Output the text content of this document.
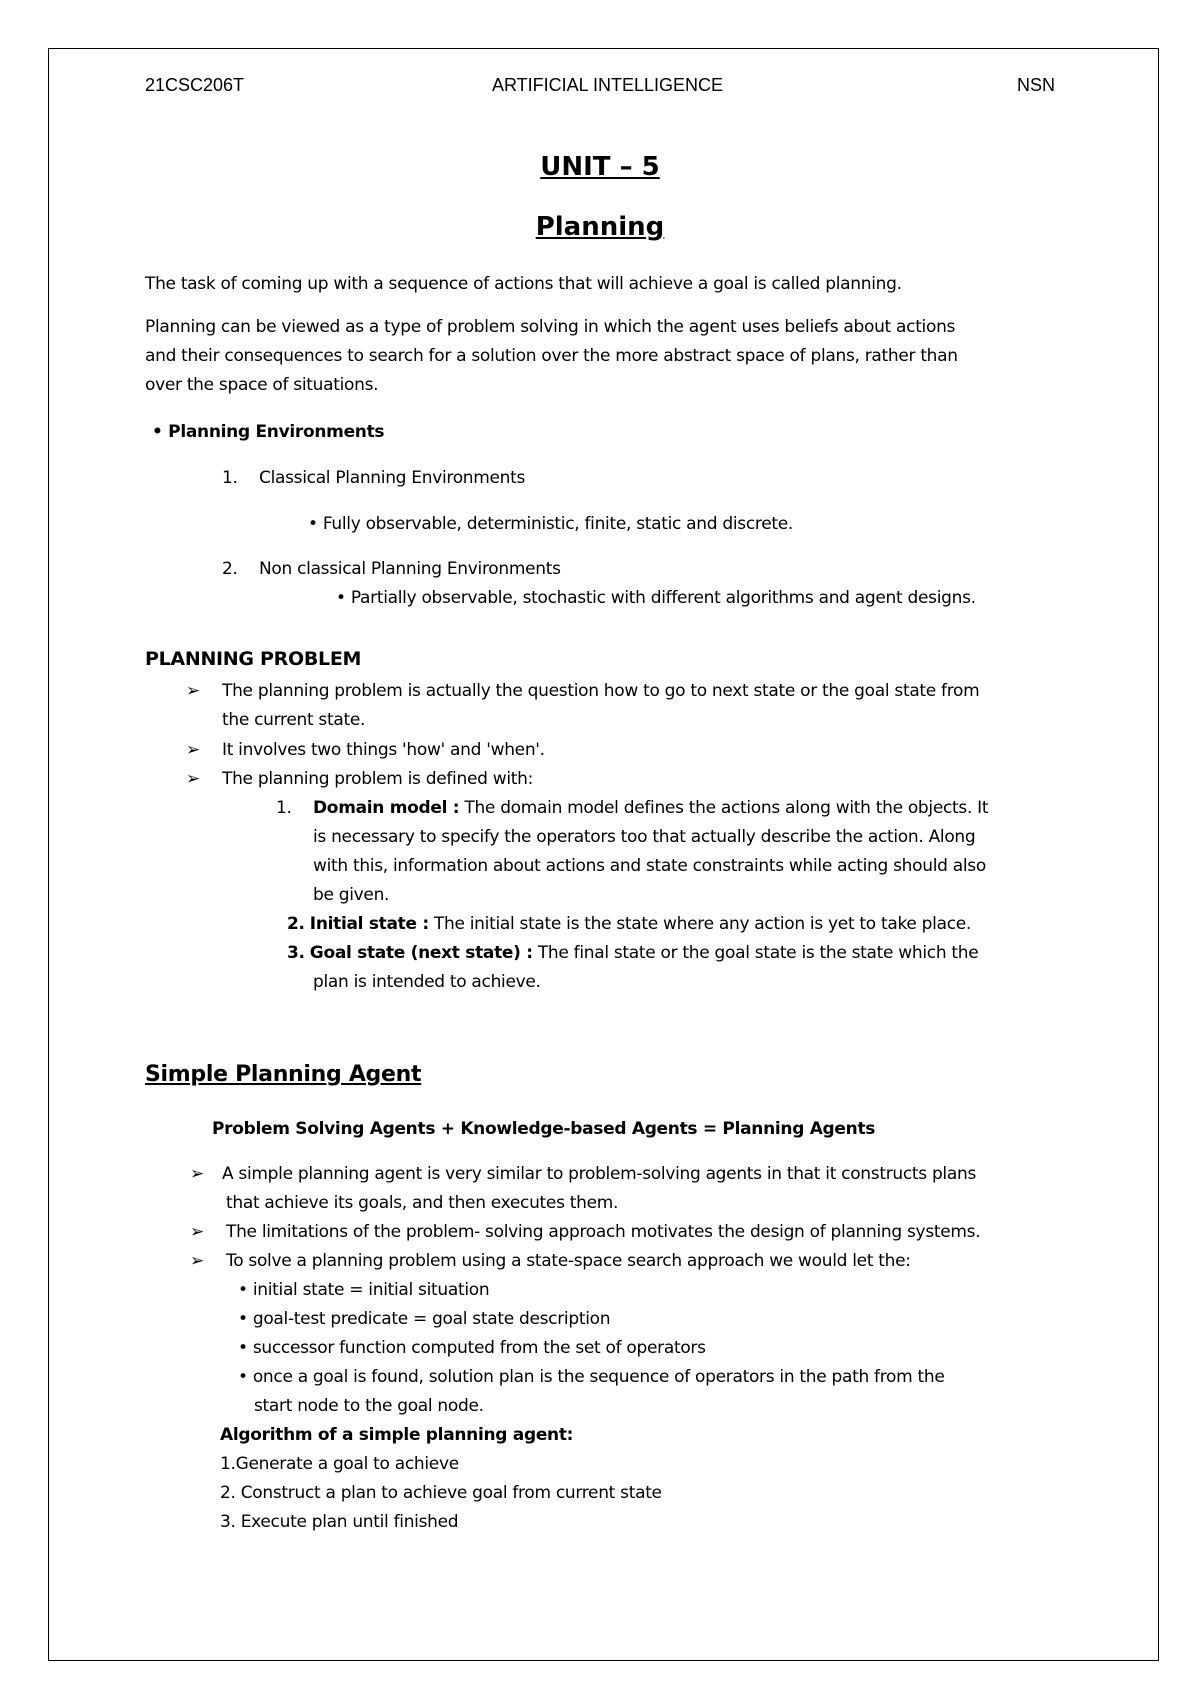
21CSC206T	ARTIFICIAL INTELLIGENCE	NSN
UNIT – 5
Planning
The task of coming up with a sequence of actions that will achieve a goal is called planning.
Planning can be viewed as a type of problem solving in which the agent uses beliefs about actions
and their consequences to search for a solution over the more abstract space of plans, rather than
over the space of situations.
• Planning Environments
1. Classical Planning Environments
• Fully observable, deterministic, finite, static and discrete.
2. Non classical Planning Environments
• Partially observable, stochastic with different algorithms and agent designs.
PLANNING PROBLEM
➢ The planning problem is actually the question how to go to next state or the goal state from
the current state.
➢ It involves two things 'how' and 'when'.
➢ The planning problem is defined with:
1. Domain model : The domain model defines the actions along with the objects. It
is necessary to specify the operators too that actually describe the action. Along
with this, information about actions and state constraints while acting should also
be given.
2. Initial state : The initial state is the state where any action is yet to take place.
3. Goal state (next state) : The final state or the goal state is the state which the
plan is intended to achieve.
Simple Planning Agent
Problem Solving Agents + Knowledge-based Agents = Planning Agents
➢ A simple planning agent is very similar to problem-solving agents in that it constructs plans
that achieve its goals, and then executes them.
➢ The limitations of the problem- solving approach motivates the design of planning systems.
➢ To solve a planning problem using a state-space search approach we would let the:
• initial state = initial situation
• goal-test predicate = goal state description
• successor function computed from the set of operators
• once a goal is found, solution plan is the sequence of operators in the path from the
start node to the goal node.
Algorithm of a simple planning agent:
1.Generate a goal to achieve
2. Construct a plan to achieve goal from current state
3. Execute plan until finished
